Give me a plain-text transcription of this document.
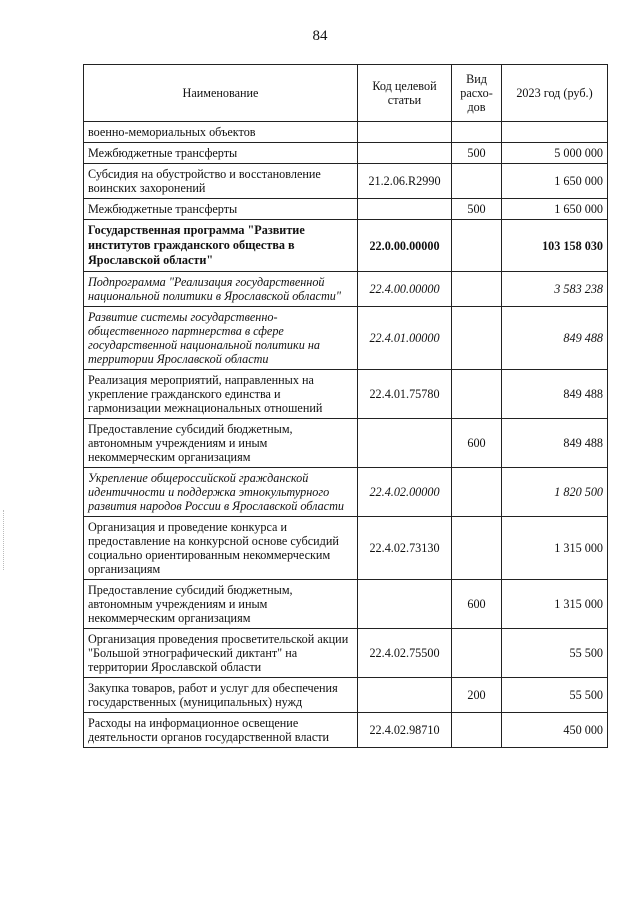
84
Наименование	Код целевой статьи	Вид расхо-дов	2023 год (руб.)
военно-мемориальных объектов			
Межбюджетные трансферты		500	5 000 000
Субсидия на обустройство и восстановление воинских захоронений	21.2.06.R2990		1 650 000
Межбюджетные трансферты		500	1 650 000
Государственная программа "Развитие институтов гражданского общества в Ярославской области"	22.0.00.00000		103 158 030
Подпрограмма "Реализация государственной национальной политики в Ярославской области"	22.4.00.00000		3 583 238
Развитие системы государственно-общественного партнерства в сфере государственной национальной политики на территории Ярославской области	22.4.01.00000		849 488
Реализация мероприятий, направленных на укрепление гражданского единства и гармонизации межнациональных отношений	22.4.01.75780		849 488
Предоставление субсидий бюджетным, автономным учреждениям и иным некоммерческим организациям		600	849 488
Укрепление общероссийской гражданской идентичности и поддержка этнокультурного развития народов России в Ярославской области	22.4.02.00000		1 820 500
Организация и проведение конкурса и предоставление на конкурсной основе субсидий социально ориентированным некоммерческим организациям	22.4.02.73130		1 315 000
Предоставление субсидий бюджетным, автономным учреждениям и иным некоммерческим организациям		600	1 315 000
Организация проведения просветительской акции "Большой этнографический диктант" на территории Ярославской области	22.4.02.75500		55 500
Закупка товаров, работ и услуг для обеспечения государственных (муниципальных) нужд		200	55 500
Расходы на информационное освещение деятельности органов государственной власти	22.4.02.98710		450 000
